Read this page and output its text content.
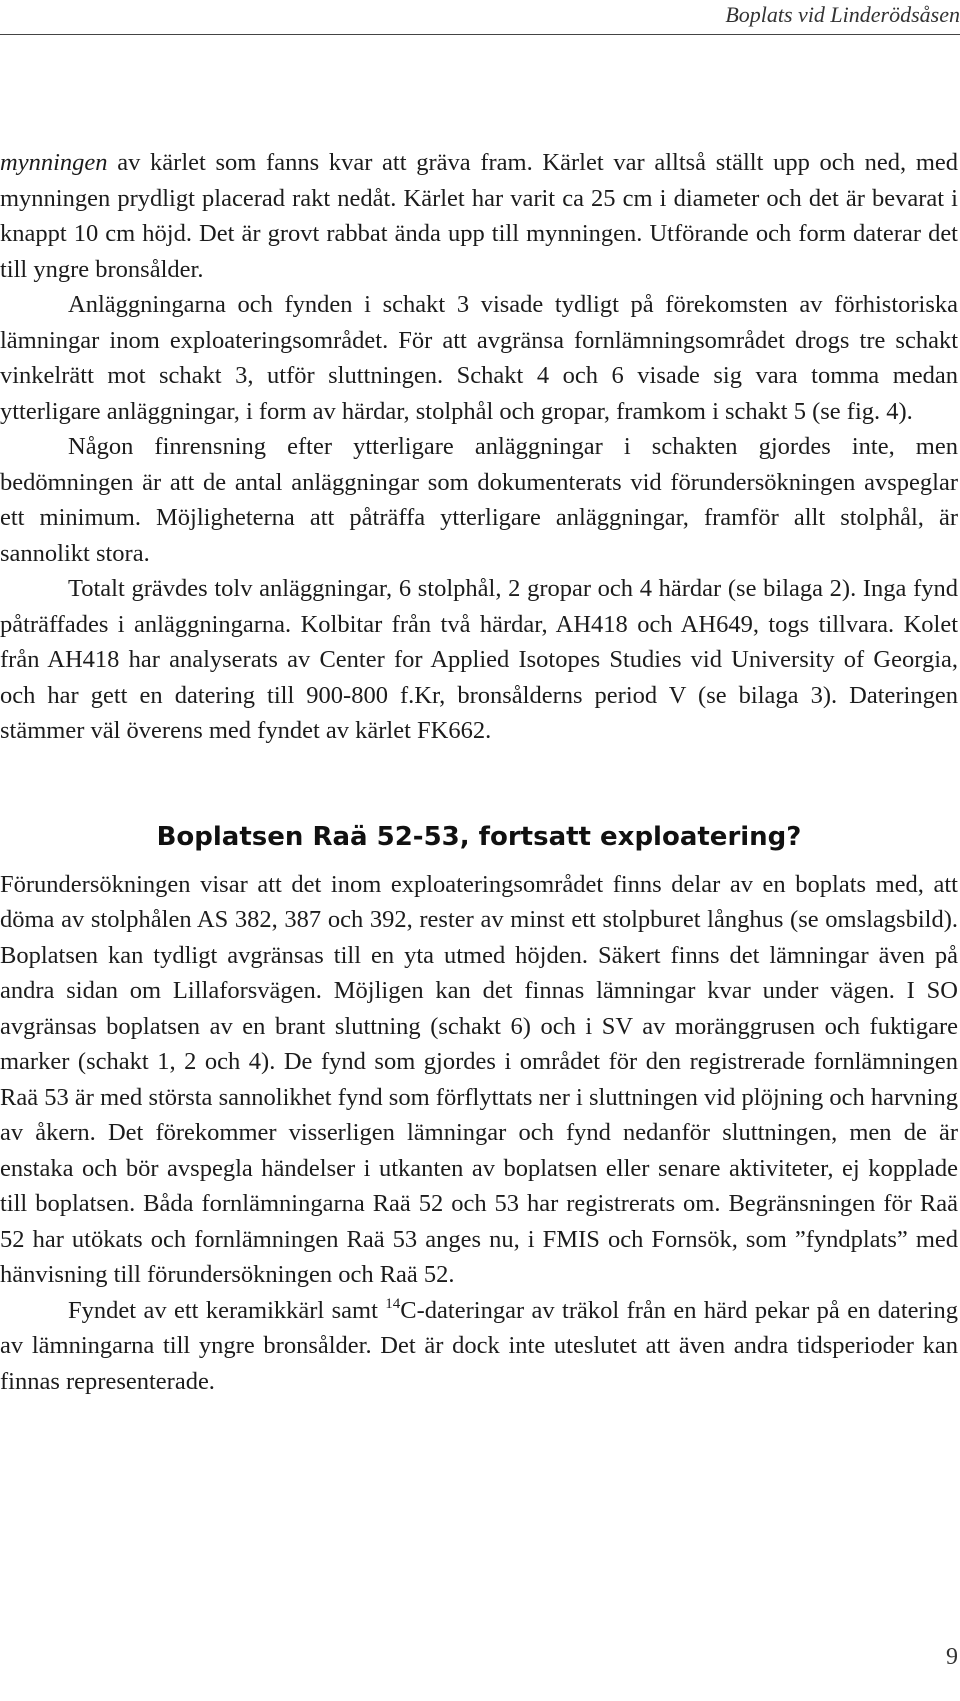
Boplats vid Linderödsåsen

mynningen av kärlet som fanns kvar att gräva fram. Kärlet var alltså ställt upp och ned, med mynningen prydligt placerad rakt nedåt. Kärlet har varit ca 25 cm i diameter och det är bevarat i knappt 10 cm höjd. Det är grovt rabbat ända upp till mynningen. Utförande och form daterar det till yngre bronsålder.

Anläggningarna och fynden i schakt 3 visade tydligt på förekomsten av förhistoriska lämningar inom exploateringsområdet. För att avgränsa fornlämningsområdet drogs tre schakt vinkelrätt mot schakt 3, utför sluttningen. Schakt 4 och 6 visade sig vara tomma medan ytterligare anläggningar, i form av härdar, stolphål och gropar, framkom i schakt 5 (se fig. 4).

Någon finrensning efter ytterligare anläggningar i schakten gjordes inte, men bedömningen är att de antal anläggningar som dokumenterats vid förundersökningen avspeglar ett minimum. Möjligheterna att påträffa ytterligare anläggningar, framför allt stolphål, är sannolikt stora.

Totalt grävdes tolv anläggningar, 6 stolphål, 2 gropar och 4 härdar (se bilaga 2). Inga fynd påträffades i anläggningarna. Kolbitar från två härdar, AH418 och AH649, togs tillvara. Kolet från AH418 har analyserats av Center for Applied Isotopes Studies vid University of Georgia, och har gett en datering till 900-800 f.Kr, bronsålderns period V (se bilaga 3). Dateringen stämmer väl överens med fyndet av kärlet FK662.

Boplatsen Raä 52-53, fortsatt exploatering?

Förundersökningen visar att det inom exploateringsområdet finns delar av en boplats med, att döma av stolphålen AS 382, 387 och 392, rester av minst ett stolpburet långhus (se omslagsbild). Boplatsen kan tydligt avgränsas till en yta utmed höjden. Säkert finns det lämningar även på andra sidan om Lillaforsvägen. Möjligen kan det finnas lämningar kvar under vägen. I SO avgränsas boplatsen av en brant sluttning (schakt 6) och i SV av moränggrusen och fuktigare marker (schakt 1, 2 och 4). De fynd som gjordes i området för den registrerade fornlämningen Raä 53 är med största sannolikhet fynd som förflyttats ner i sluttningen vid plöjning och harvning av åkern. Det förekommer visserligen lämningar och fynd nedanför sluttningen, men de är enstaka och bör avspegla händelser i utkanten av boplatsen eller senare aktiviteter, ej kopplade till boplatsen. Båda fornlämningarna Raä 52 och 53 har registrerats om. Begränsningen för Raä 52 har utökats och fornlämningen Raä 53 anges nu, i FMIS och Fornsök, som ”fyndplats” med hänvisning till förundersökningen och Raä 52.

Fyndet av ett keramikkärl samt $^{14}$C-dateringar av träkol från en härd pekar på en datering av lämningarna till yngre bronsålder. Det är dock inte uteslutet att även andra tidsperioder kan finnas representerade.

9
